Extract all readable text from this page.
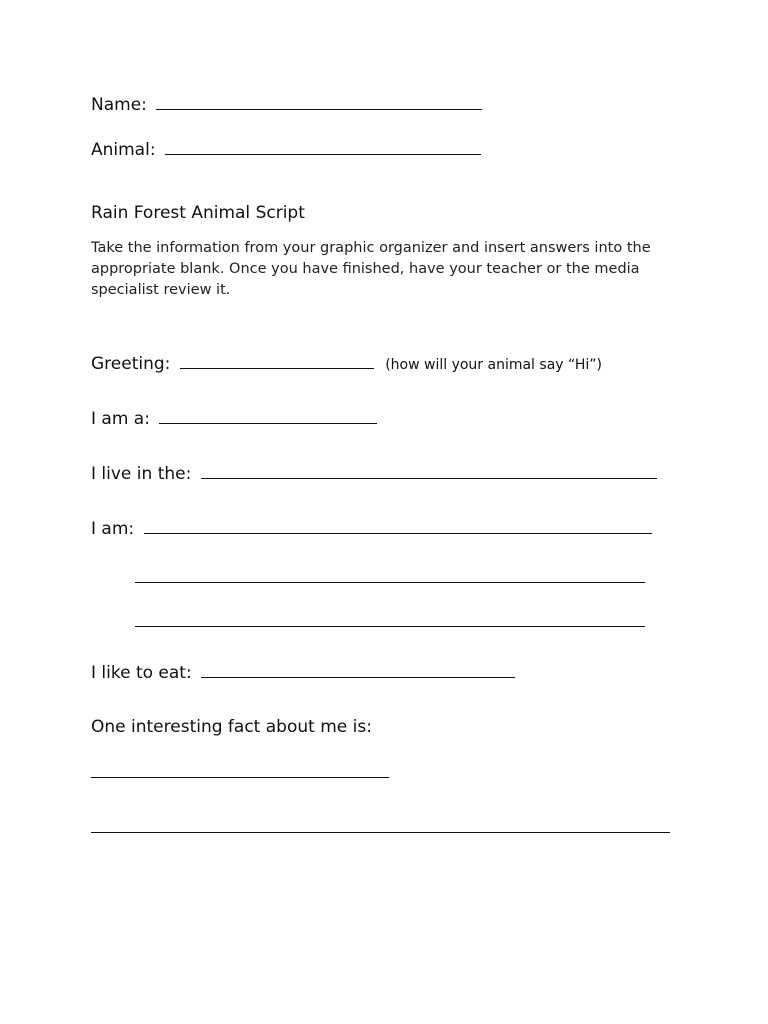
Name:
Animal:
Rain Forest Animal Script
Take the information from your graphic organizer and insert answers into the appropriate blank. Once you have finished, have your teacher or the media specialist review it.
Greeting:	(how will your animal say “Hi”)
I am a:
I live in the:
I am:
I like to eat:
One interesting fact about me is:
